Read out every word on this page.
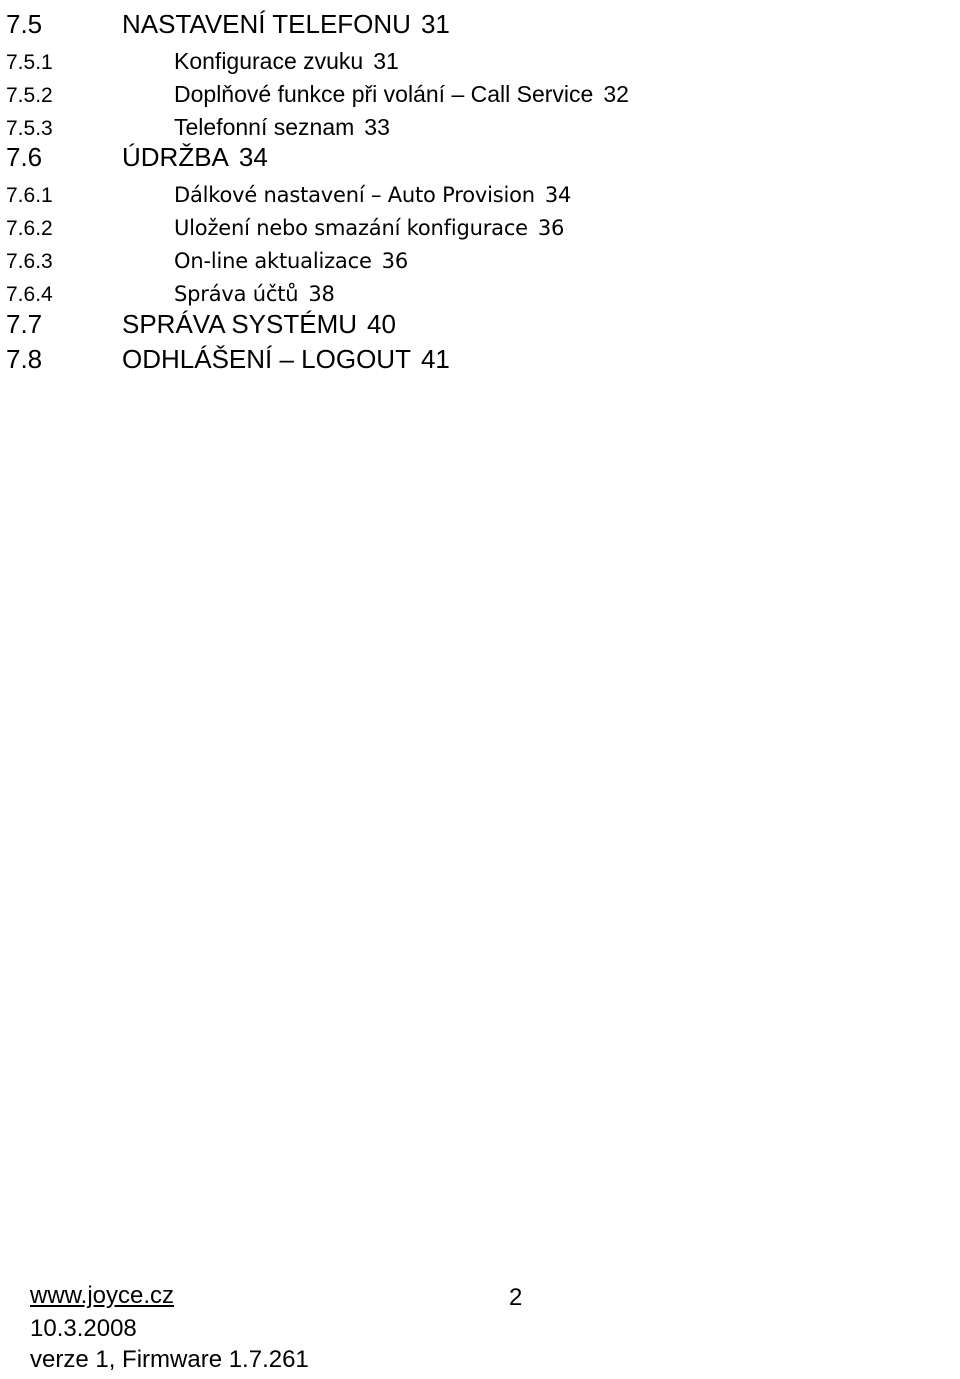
7.5	NASTAVENÍ TELEFONU 31
7.5.1	Konfigurace zvuku 31
7.5.2	Doplňové funkce při volání – Call Service 32
7.5.3	Telefonní seznam 33
7.6	ÚDRŽBA 34
7.6.1	Dálkové nastavení – Auto Provision 34
7.6.2	Uložení nebo smazání konfigurace 36
7.6.3	On-line aktualizace 36
7.6.4	Správa účtů 38
7.7	SPRÁVA SYSTÉMU 40
7.8	ODHLÁŠENÍ – LOGOUT 41
www.joyce.cz	2
10.3.2008
verze 1, Firmware 1.7.261
